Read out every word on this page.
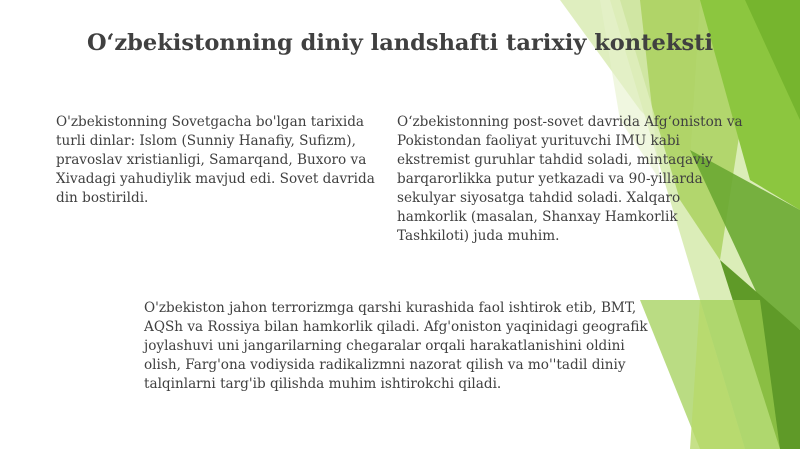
O‘zbekistonning diniy landshafti tarixiy konteksti

O'zbekistonning Sovetgacha bo'lgan tarixida turli dinlar: Islom (Sunniy Hanafiy, Sufizm), pravoslav xristianligi, Samarqand, Buxoro va Xivadagi yahudiylik mavjud edi. Sovet davrida din bostirildi.

O‘zbekistonning post-sovet davrida Afg‘oniston va Pokistondan faoliyat yurituvchi IMU kabi ekstremist guruhlar tahdid soladi, mintaqaviy barqarorlikka putur yetkazadi va 90-yillarda sekulyar siyosatga tahdid soladi. Xalqaro hamkorlik (masalan, Shanxay Hamkorlik Tashkiloti) juda muhim.

O'zbekiston jahon terrorizmga qarshi kurashida faol ishtirok etib, BMT, AQSh va Rossiya bilan hamkorlik qiladi. Afg'oniston yaqinidagi geografik joylashuvi uni jangarilarning chegaralar orqali harakatlanishini oldini olish, Farg'ona vodiysida radikalizmni nazorat qilish va mo''tadil diniy talqinlarni targ'ib qilishda muhim ishtirokchi qiladi.
